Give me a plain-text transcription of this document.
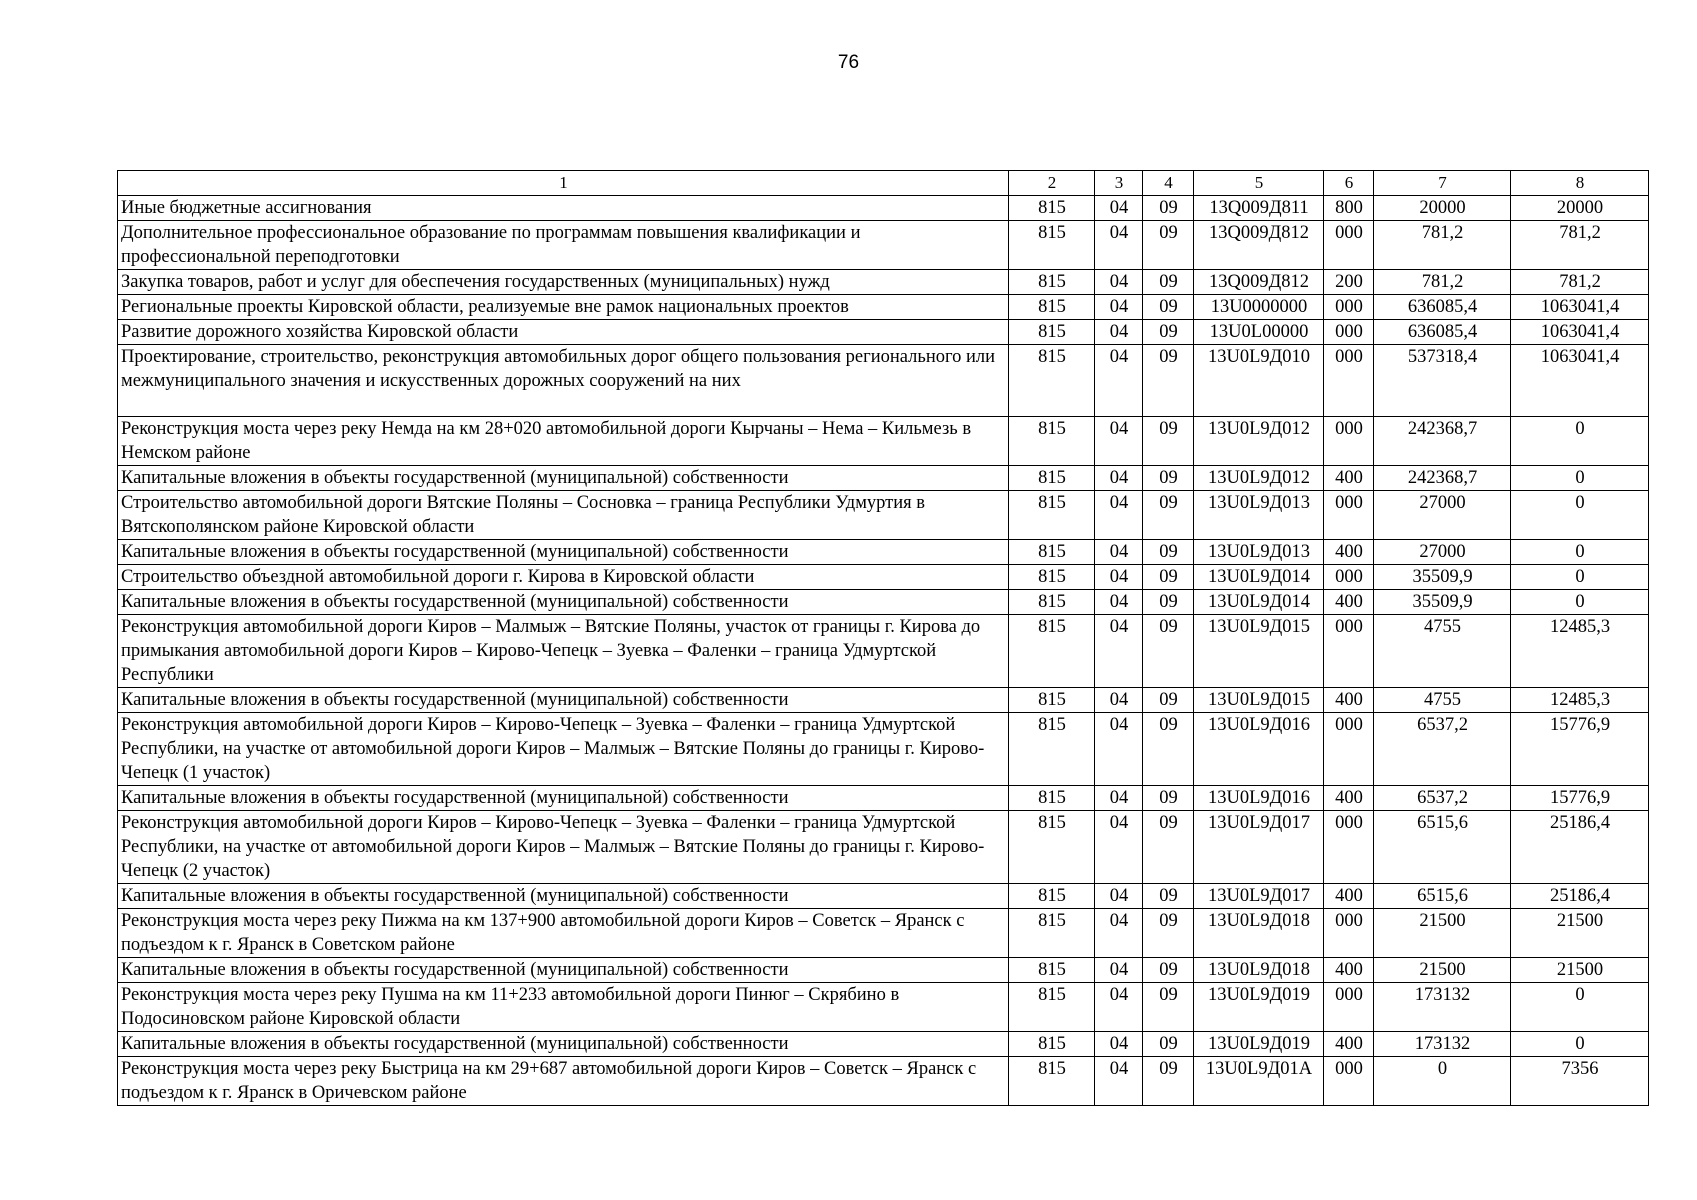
76
1	2	3	4	5	6	7	8
Иные бюджетные ассигнования	815	04	09	13Q009Д811	800	20000	20000
Дополнительное профессиональное образование по программам повышения квалификации и профессиональной переподготовки	815	04	09	13Q009Д812	000	781,2	781,2
Закупка товаров, работ и услуг для обеспечения государственных (муниципальных) нужд	815	04	09	13Q009Д812	200	781,2	781,2
Региональные проекты Кировской области, реализуемые вне рамок национальных проектов	815	04	09	13U0000000	000	636085,4	1063041,4
Развитие дорожного хозяйства Кировской области	815	04	09	13U0L00000	000	636085,4	1063041,4
Проектирование, строительство, реконструкция автомобильных дорог общего пользования регионального или межмуниципального значения и искусственных дорожных сооружений на них	815	04	09	13U0L9Д010	000	537318,4	1063041,4
Реконструкция моста через реку Немда на км 28+020 автомобильной дороги Кырчаны – Нема – Кильмезь в Немском районе	815	04	09	13U0L9Д012	000	242368,7	0
Капитальные вложения в объекты государственной (муниципальной) собственности	815	04	09	13U0L9Д012	400	242368,7	0
Строительство автомобильной дороги Вятские Поляны – Сосновка – граница Республики Удмуртия в Вятскополянском районе Кировской области	815	04	09	13U0L9Д013	000	27000	0
Капитальные вложения в объекты государственной (муниципальной) собственности	815	04	09	13U0L9Д013	400	27000	0
Строительство объездной автомобильной дороги г. Кирова в Кировской области	815	04	09	13U0L9Д014	000	35509,9	0
Капитальные вложения в объекты государственной (муниципальной) собственности	815	04	09	13U0L9Д014	400	35509,9	0
Реконструкция автомобильной дороги Киров – Малмыж – Вятские Поляны, участок от границы г. Кирова до примыкания автомобильной дороги Киров – Кирово-Чепецк – Зуевка – Фаленки – граница Удмуртской Республики	815	04	09	13U0L9Д015	000	4755	12485,3
Капитальные вложения в объекты государственной (муниципальной) собственности	815	04	09	13U0L9Д015	400	4755	12485,3
Реконструкция автомобильной дороги Киров – Кирово-Чепецк – Зуевка – Фаленки – граница Удмуртской Республики, на участке от автомобильной дороги Киров – Малмыж – Вятские Поляны до границы г. Кирово-Чепецк (1 участок)	815	04	09	13U0L9Д016	000	6537,2	15776,9
Капитальные вложения в объекты государственной (муниципальной) собственности	815	04	09	13U0L9Д016	400	6537,2	15776,9
Реконструкция автомобильной дороги Киров – Кирово-Чепецк – Зуевка – Фаленки – граница Удмуртской Республики, на участке от автомобильной дороги Киров – Малмыж – Вятские Поляны до границы г. Кирово-Чепецк (2 участок)	815	04	09	13U0L9Д017	000	6515,6	25186,4
Капитальные вложения в объекты государственной (муниципальной) собственности	815	04	09	13U0L9Д017	400	6515,6	25186,4
Реконструкция моста через реку Пижма на км 137+900 автомобильной дороги Киров – Советск – Яранск с подъездом к г. Яранск в Советском районе	815	04	09	13U0L9Д018	000	21500	21500
Капитальные вложения в объекты государственной (муниципальной) собственности	815	04	09	13U0L9Д018	400	21500	21500
Реконструкция моста через реку Пушма на км 11+233 автомобильной дороги Пинюг – Скрябино в Подосиновском районе Кировской области	815	04	09	13U0L9Д019	000	173132	0
Капитальные вложения в объекты государственной (муниципальной) собственности	815	04	09	13U0L9Д019	400	173132	0
Реконструкция моста через реку Быстрица на км 29+687 автомобильной дороги Киров – Советск – Яранск с подъездом к г. Яранск в Оричевском районе	815	04	09	13U0L9Д01А	000	0	7356
